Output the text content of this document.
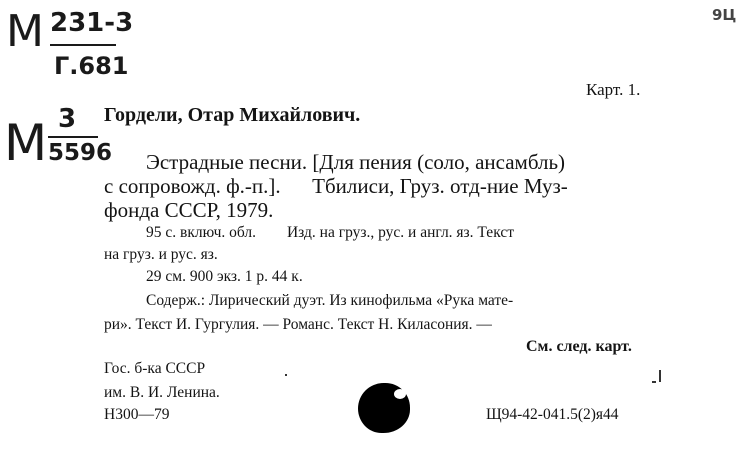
9Ц
М 231-3
Г.681
М 3
5596
Карт. 1.
Гордели, Отар Михайлович.
Эстрадные песни. [Для пения (соло, ансамбль)
с сопровожд. ф.-п.].      Тбилиси, Груз. отд-ние Муз-
фонда СССР, 1979.
95 с. включ. обл.        Изд. на груз., рус. и англ. яз. Текст
на груз. и рус. яз.
29 см. 900 экз. 1 р. 44 к.
Содерж.: Лирический дуэт. Из кинофильма «Рука мате-
ри». Текст И. Гургулия. — Романс. Текст Н. Киласония. —
См. след. карт.
Гос. б-ка СССР
им. В. И. Ленина.
Н300—79	Щ94-42-041.5(2)я44
